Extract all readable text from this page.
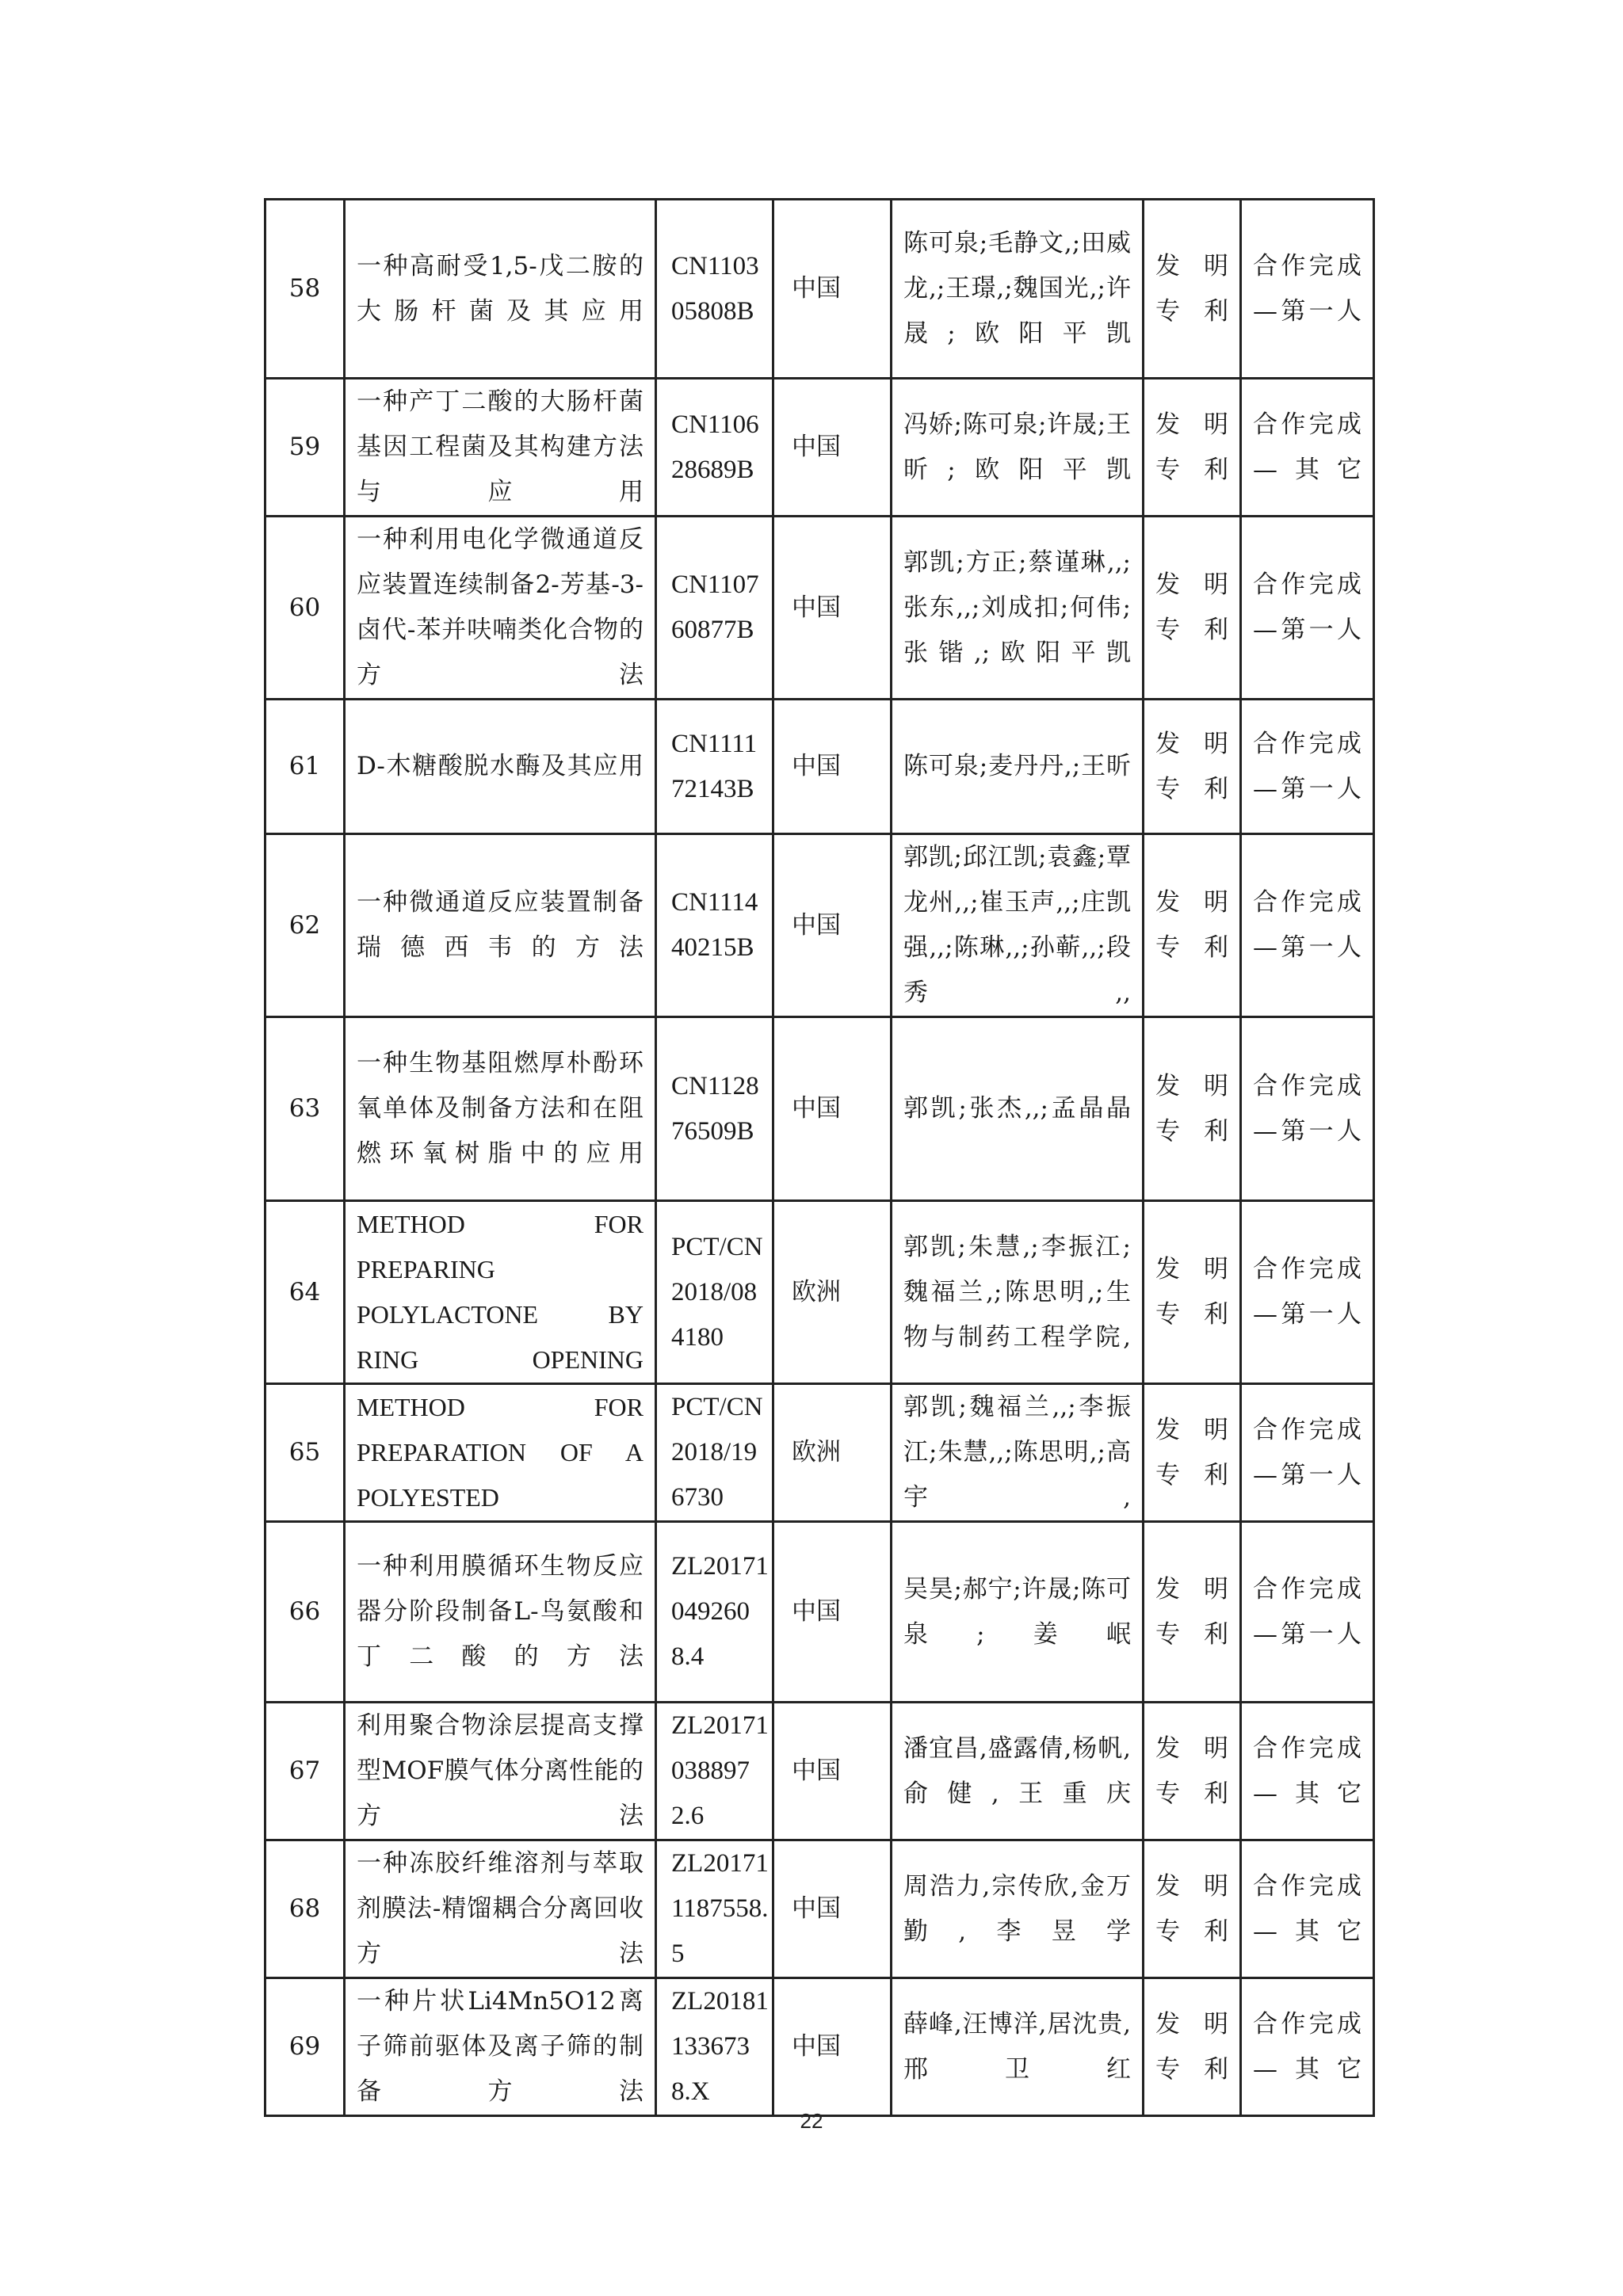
58	一种高耐受1,5-戊二胺的大肠杆菌及其应用	CN110305808B	中国	陈可泉;毛静文,;田威龙,;王璟,;魏国光,;许晟;欧阳平凯	发明专利	合作完成—第一人
59	一种产丁二酸的大肠杆菌基因工程菌及其构建方法与应用	CN110628689B	中国	冯娇;陈可泉;许晟;王昕;欧阳平凯	发明专利	合作完成—其它
60	一种利用电化学微通道反应装置连续制备2-芳基-3-卤代-苯并呋喃类化合物的方法	CN110760877B	中国	郭凯;方正;蔡谨琳,,;张东,,;刘成扣;何伟;张锴,;欧阳平凯	发明专利	合作完成—第一人
61	D-木糖酸脱水酶及其应用	CN111172143B	中国	陈可泉;麦丹丹,;王昕	发明专利	合作完成—第一人
62	一种微通道反应装置制备瑞德西韦的方法	CN111440215B	中国	郭凯;邱江凯;袁鑫;覃龙州,,;崔玉声,,;庄凯强,,;陈琳,,;孙蕲,,;段秀,,	发明专利	合作完成—第一人
63	一种生物基阻燃厚朴酚环氧单体及制备方法和在阻燃环氧树脂中的应用	CN112876509B	中国	郭凯;张杰,,;孟晶晶	发明专利	合作完成—第一人
64	METHOD FOR PREPARING POLYLACTONE BY RING OPENING	PCT/CN2018/084180	欧洲	郭凯;朱慧,;李振江;魏福兰,;陈思明,;生物与制药工程学院,	发明专利	合作完成—第一人
65	METHOD FOR PREPARATION OF A POLYESTED	PCT/CN2018/196730	欧洲	郭凯;魏福兰,,;李振江;朱慧,,;陈思明,;高宇,	发明专利	合作完成—第一人
66	一种利用膜循环生物反应器分阶段制备L-鸟氨酸和丁二酸的方法	ZL201710492608.4	中国	吴昊;郝宁;许晟;陈可泉;姜岷	发明专利	合作完成—第一人
67	利用聚合物涂层提高支撑型MOF膜气体分离性能的方法	ZL201710388972.6	中国	潘宜昌,盛露倩,杨帆,俞健,王重庆	发明专利	合作完成—其它
68	一种冻胶纤维溶剂与萃取剂膜法-精馏耦合分离回收方法	ZL201711187558.5	中国	周浩力,宗传欣,金万勤,李昱学	发明专利	合作完成—其它
69	一种片状Li4Mn5O12离子筛前驱体及离子筛的制备方法	ZL201811336738.X	中国	薛峰,汪博洋,居沈贵,邢卫红	发明专利	合作完成—其它
22
